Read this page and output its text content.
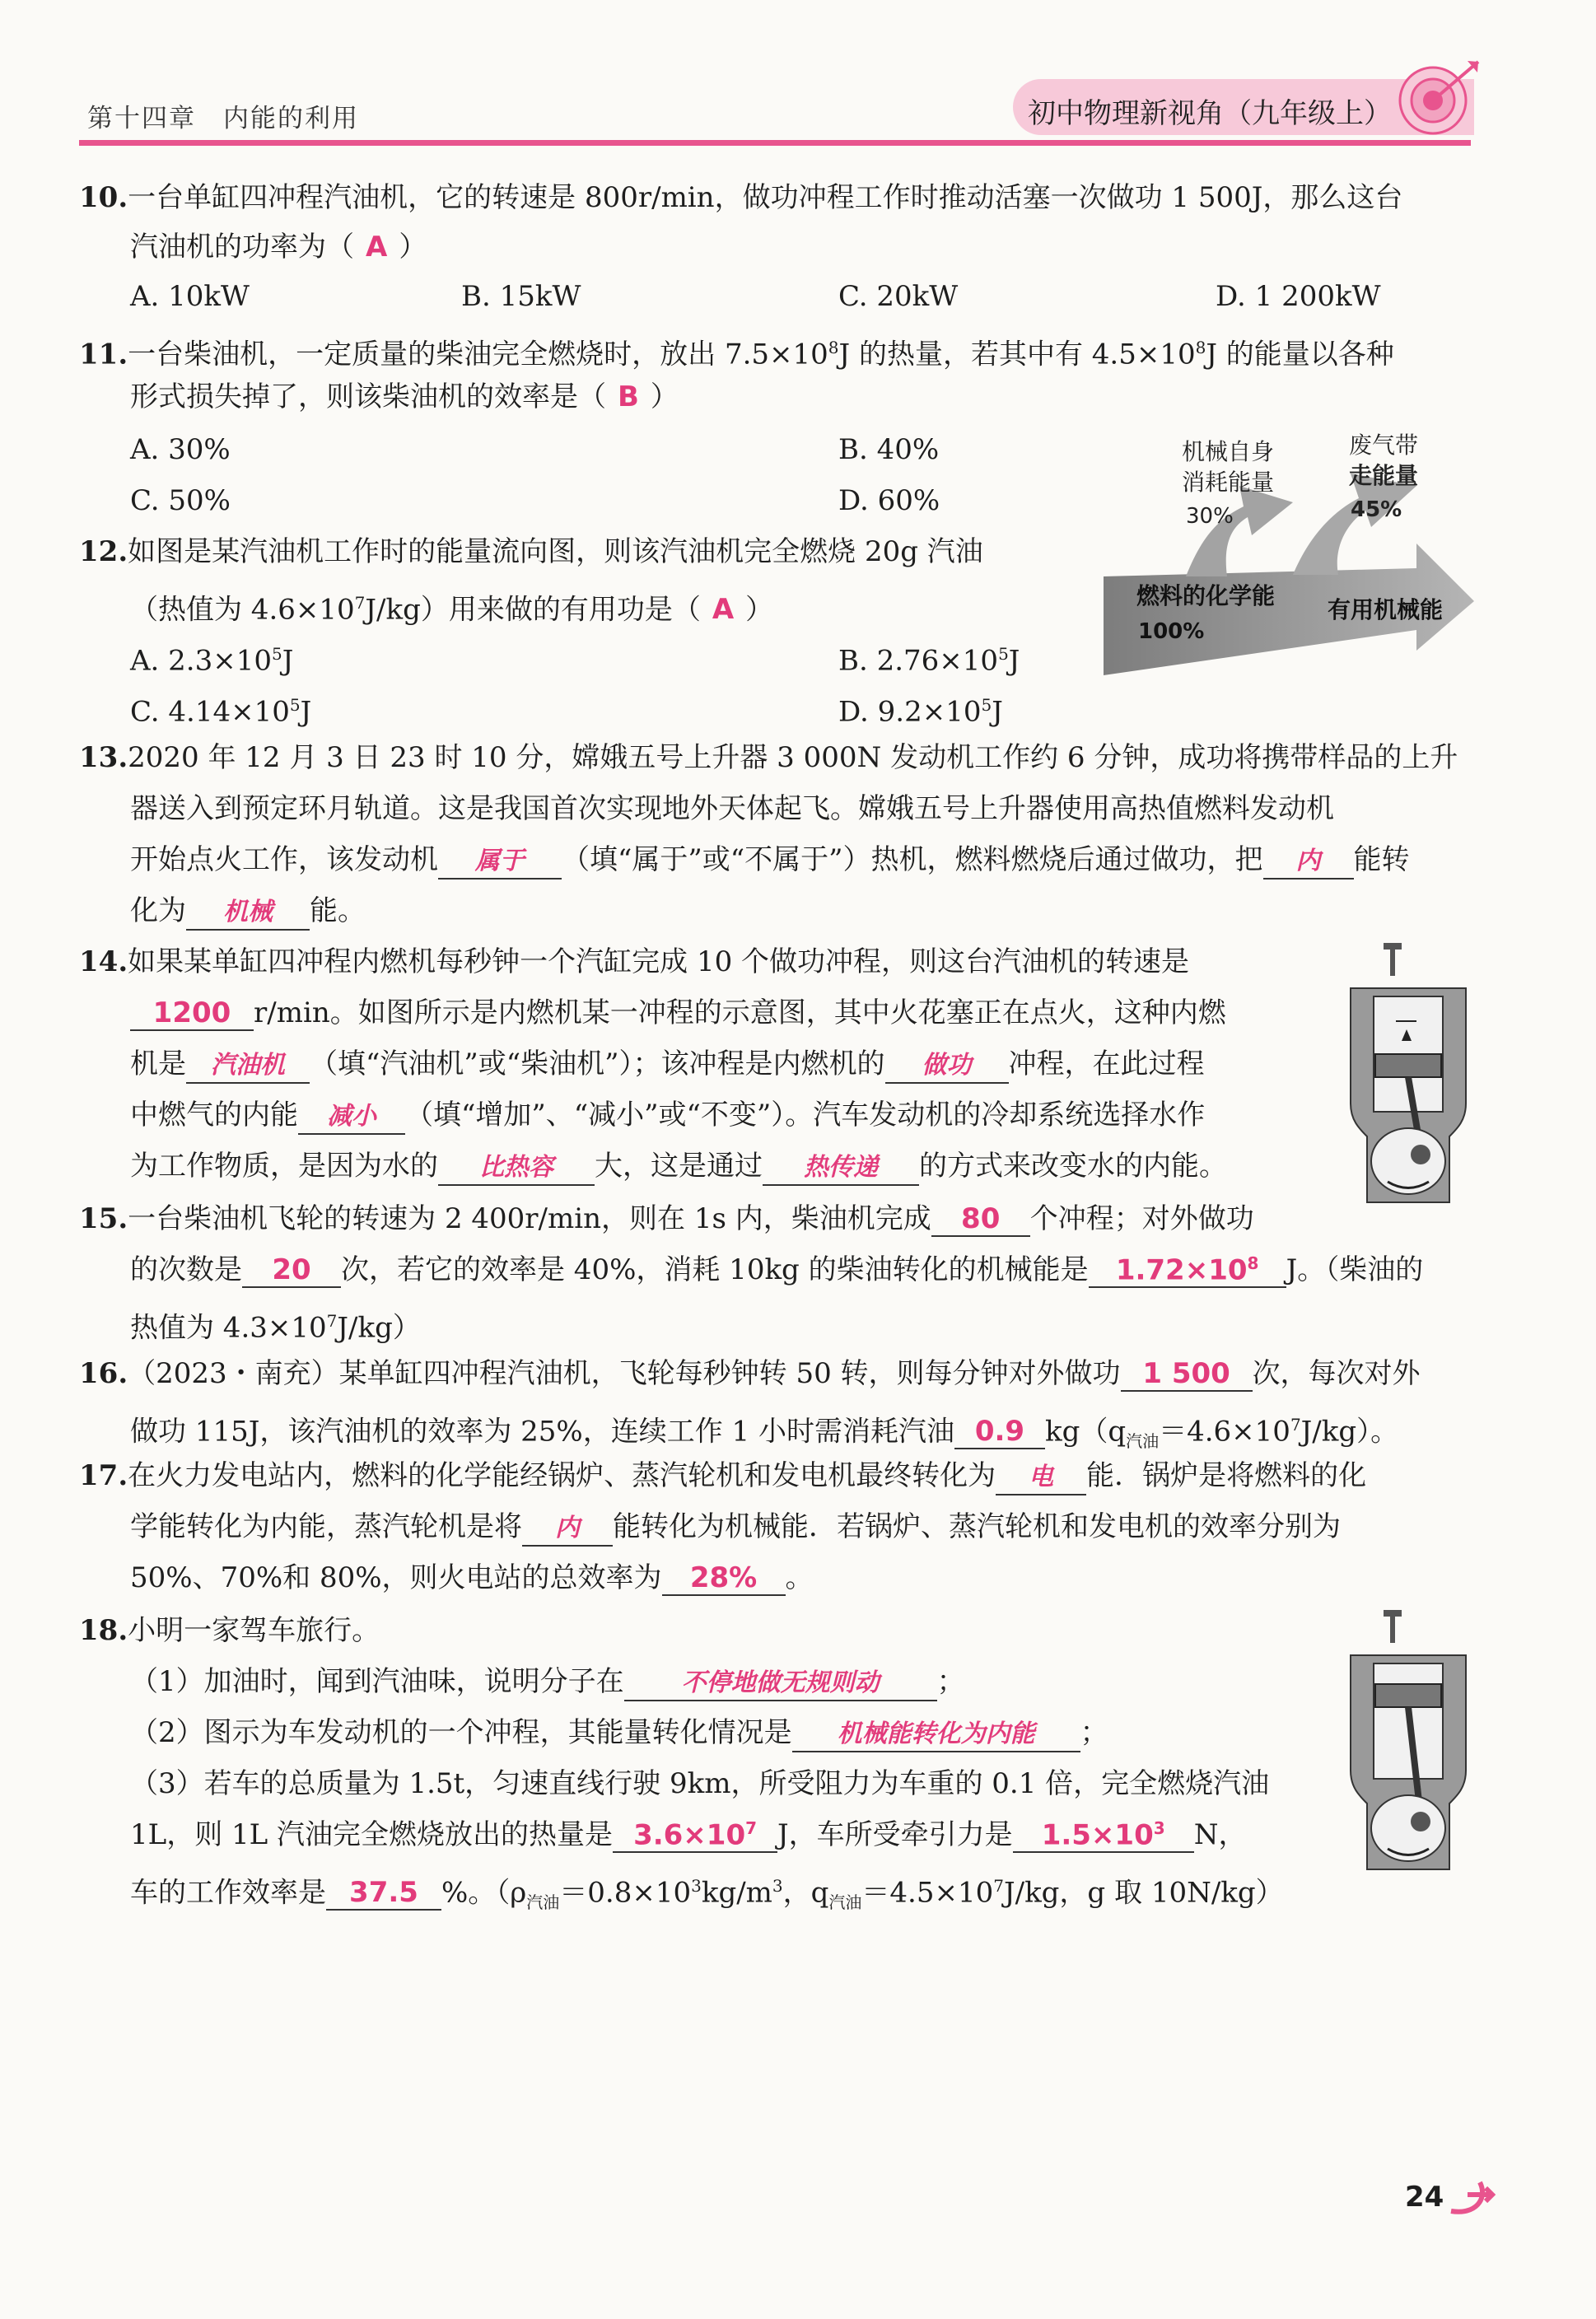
第十四章　内能的利用	初中物理新视角（九年级上）
10.一台单缸四冲程汽油机，它的转速是 800r/min，做功冲程工作时推动活塞一次做功 1 500J，那么这台
汽油机的功率为（ A ）
A. 10kW	B. 15kW	C. 20kW	D. 1 200kW
11.一台柴油机，一定质量的柴油完全燃烧时，放出 $7.5\times 10^8J$ 的热量，若其中有 $4.5\times 10^8J$ 的能量以各种
形式损失掉了，则该柴油机的效率是（ B ）
A. 30%	B. 40%
C. 50%	D. 60%
机械自身
消耗能量
30%
废气带
走能量
45%
燃料的化学能
100%
有用机械能
12.如图是某汽油机工作时的能量流向图，则该汽油机完全燃烧 20g 汽油
（热值为 $4.6\times 10^7J/kg$）用来做的有用功是（ A ）
A. $2.3\times 10^5J$	B. $2.76\times 10^5J$
C. $4.14\times 10^5J$	D. $9.2\times 10^5J$
13.2020 年 12 月 3 日 23 时 10 分，嫦娥五号上升器 3 000N 发动机工作约 6 分钟，成功将携带样品的上升
器送入到预定环月轨道。这是我国首次实现地外天体起飞。嫦娥五号上升器使用高热值燃料发动机
开始点火工作，该发动机 属于 （填“属于”或“不属于”）热机，燃料燃烧后通过做功，把 内 能转
化为 机械 能。
14.如果某单缸四冲程内燃机每秒钟一个汽缸完成 10 个做功冲程，则这台汽油机的转速是
1200 r/min。如图所示是内燃机某一冲程的示意图，其中火花塞正在点火，这种内燃
机是 汽油机 （填“汽油机”或“柴油机”）；该冲程是内燃机的 做功 冲程，在此过程
中燃气的内能 减小 （填“增加”、“减小”或“不变”）。汽车发动机的冷却系统选择水作
为工作物质，是因为水的 比热容 大，这是通过 热传递 的方式来改变水的内能。
15.一台柴油机飞轮的转速为 2 400r/min，则在 1s 内，柴油机完成 80 个冲程；对外做功
的次数是 20 次，若它的效率是 40%，消耗 10kg 的柴油转化的机械能是 $1.72\times 10^8$ J。（柴油的
热值为 $4.3\times 10^7J/kg$）
16.（2023・南充）某单缸四冲程汽油机，飞轮每秒钟转 50 转，则每分钟对外做功 1 500 次，每次对外
做功 115J，该汽油机的效率为 25%，连续工作 1 小时需消耗汽油 0.9 $kg(q_{汽油}=4.6\times 10^7J/kg)$。
17.在火力发电站内，燃料的化学能经锅炉、蒸汽轮机和发电机最终转化为 电 能．锅炉是将燃料的化
学能转化为内能，蒸汽轮机是将 内 能转化为机械能．若锅炉、蒸汽轮机和发电机的效率分别为
50%、70%和 80%，则火电站的总效率为 28% 。
18.小明一家驾车旅行。
（1）加油时，闻到汽油味，说明分子在 不停地做无规则动 ；
（2）图示为车发动机的一个冲程，其能量转化情况是 机械能转化为内能 ；
（3）若车的总质量为 1.5t，匀速直线行驶 9km，所受阻力为车重的 0.1 倍，完全燃烧汽油
1L，则 1L 汽油完全燃烧放出的热量是 $3.6\times 10^7$ J，车所受牵引力是 $1.5\times 10^3$ N，
车的工作效率是 37.5 %。（$\rho_{汽油}=0.8\times 10^3kg/m^3$，$q_{汽油}=4.5\times 10^7J/kg$，g 取 10N/kg）
24
